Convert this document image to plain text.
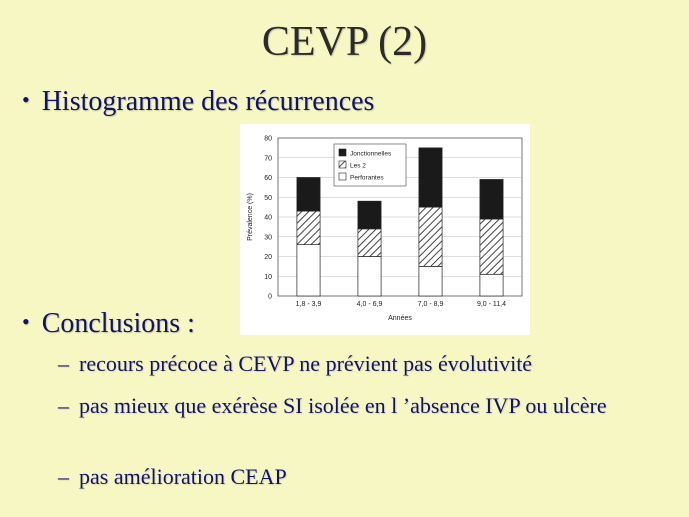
CEVP (2)
• Histogramme des récurrences
0
10
20
30
40
50
60
70
80
1,8 - 3,9	4,0 - 6,9	7,0 - 8,9	9,0 - 11,4
Années
Prévalence (%)
Jonctionnelles
Les 2
Perforantes
• Conclusions :
– recours précoce à CEVP ne prévient pas évolutivité
– pas mieux que exérèse SI isolée en l ’absence IVP ou ulcère
– pas amélioration CEAP
